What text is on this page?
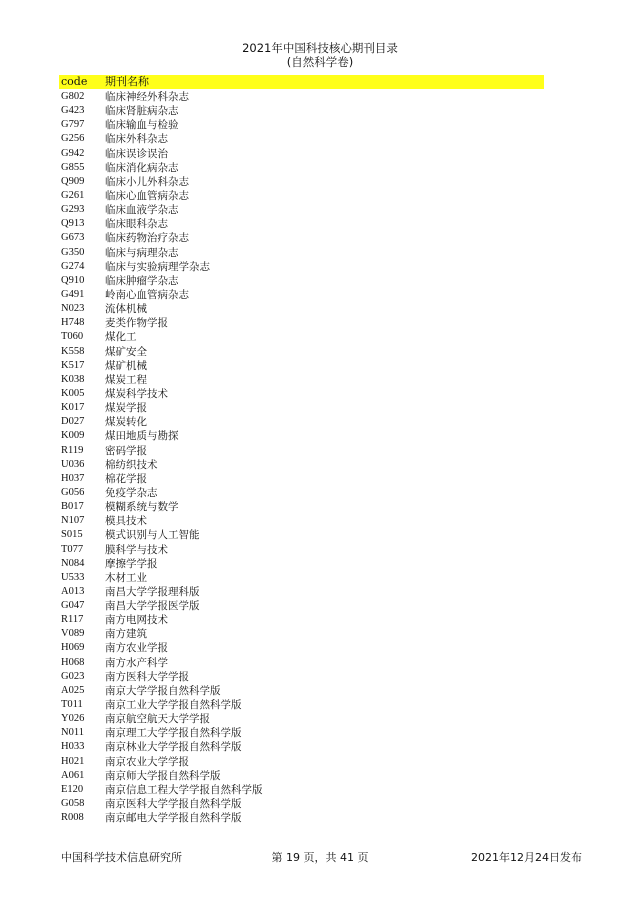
2021年中国科技核心期刊目录
(自然科学卷)
code 期刊名称
G802 临床神经外科杂志
G423 临床肾脏病杂志
G797 临床输血与检验
G256 临床外科杂志
G942 临床误诊误治
G855 临床消化病杂志
Q909 临床小儿外科杂志
G261 临床心血管病杂志
G293 临床血液学杂志
Q913 临床眼科杂志
G673 临床药物治疗杂志
G350 临床与病理杂志
G274 临床与实验病理学杂志
Q910 临床肿瘤学杂志
G491 岭南心血管病杂志
N023 流体机械
H748 麦类作物学报
T060 煤化工
K558 煤矿安全
K517 煤矿机械
K038 煤炭工程
K005 煤炭科学技术
K017 煤炭学报
D027 煤炭转化
K009 煤田地质与勘探
R119 密码学报
U036 棉纺织技术
H037 棉花学报
G056 免疫学杂志
B017 模糊系统与数学
N107 模具技术
S015 模式识别与人工智能
T077 膜科学与技术
N084 摩擦学学报
U533 木材工业
A013 南昌大学学报理科版
G047 南昌大学学报医学版
R117 南方电网技术
V089 南方建筑
H069 南方农业学报
H068 南方水产科学
G023 南方医科大学学报
A025 南京大学学报自然科学版
T011 南京工业大学学报自然科学版
Y026 南京航空航天大学学报
N011 南京理工大学学报自然科学版
H033 南京林业大学学报自然科学版
H021 南京农业大学学报
A061 南京师大学报自然科学版
E120 南京信息工程大学学报自然科学版
G058 南京医科大学学报自然科学版
R008 南京邮电大学学报自然科学版
中国科学技术信息研究所	第 19 页，共 41 页	2021年12月24日发布
